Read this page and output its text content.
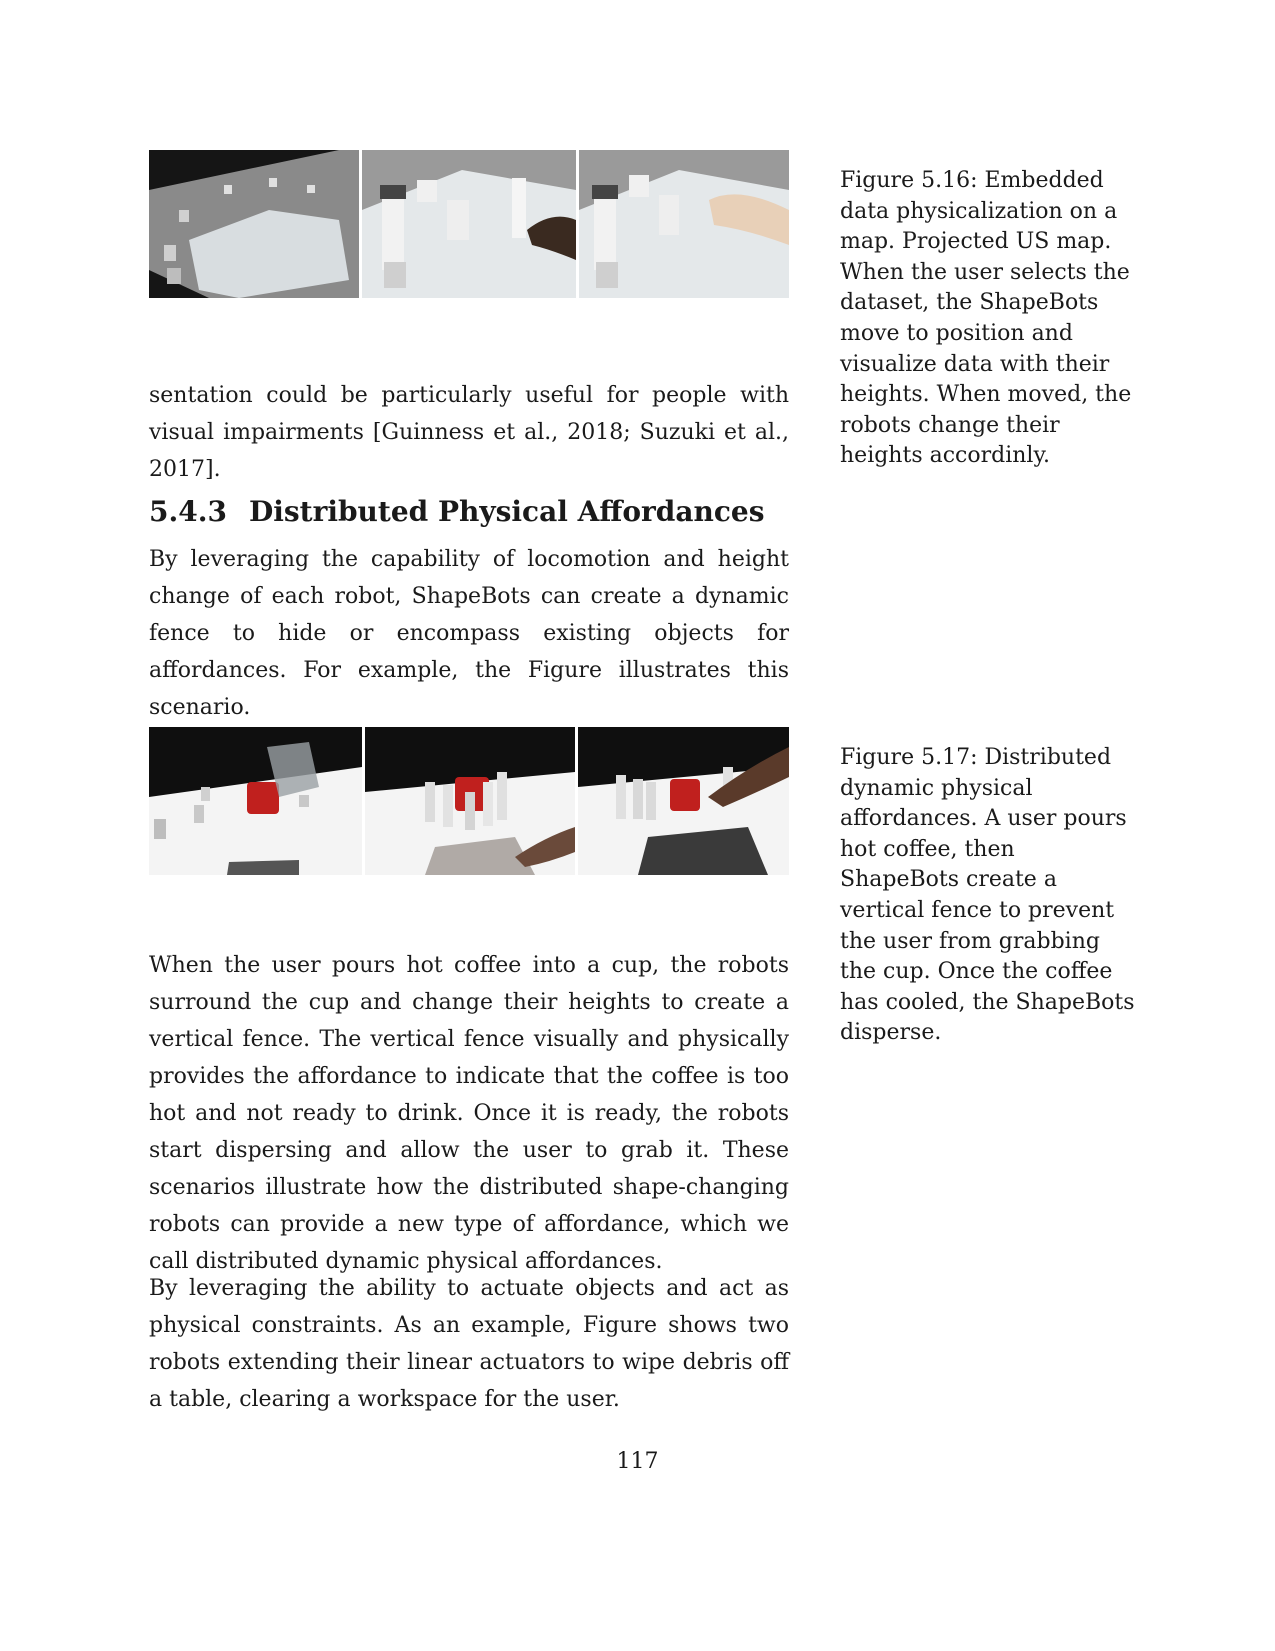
Figure 5.16: Embedded data physicalization on a map. Projected US map. When the user selects the dataset, the ShapeBots move to position and visualize data with their heights. When moved, the robots change their heights accordinly.
sentation could be particularly useful for people with visual impairments [Guinness et al., 2018; Suzuki et al., 2017].
5.4.3 Distributed Physical Affordances
By leveraging the capability of locomotion and height change of each robot, ShapeBots can create a dynamic fence to hide or encompass existing objects for affordances. For example, the Figure illustrates this scenario.
Figure 5.17: Distributed dynamic physical affordances. A user pours hot coffee, then ShapeBots create a vertical fence to prevent the user from grabbing the cup. Once the coffee has cooled, the ShapeBots disperse.
When the user pours hot coffee into a cup, the robots surround the cup and change their heights to create a vertical fence. The vertical fence visually and physically provides the affordance to indicate that the coffee is too hot and not ready to drink. Once it is ready, the robots start dispersing and allow the user to grab it. These scenarios illustrate how the distributed shape-changing robots can provide a new type of affordance, which we call distributed dynamic physical affordances.
By leveraging the ability to actuate objects and act as physical constraints. As an example, Figure shows two robots extending their linear actuators to wipe debris off a table, clearing a workspace for the user.
117
